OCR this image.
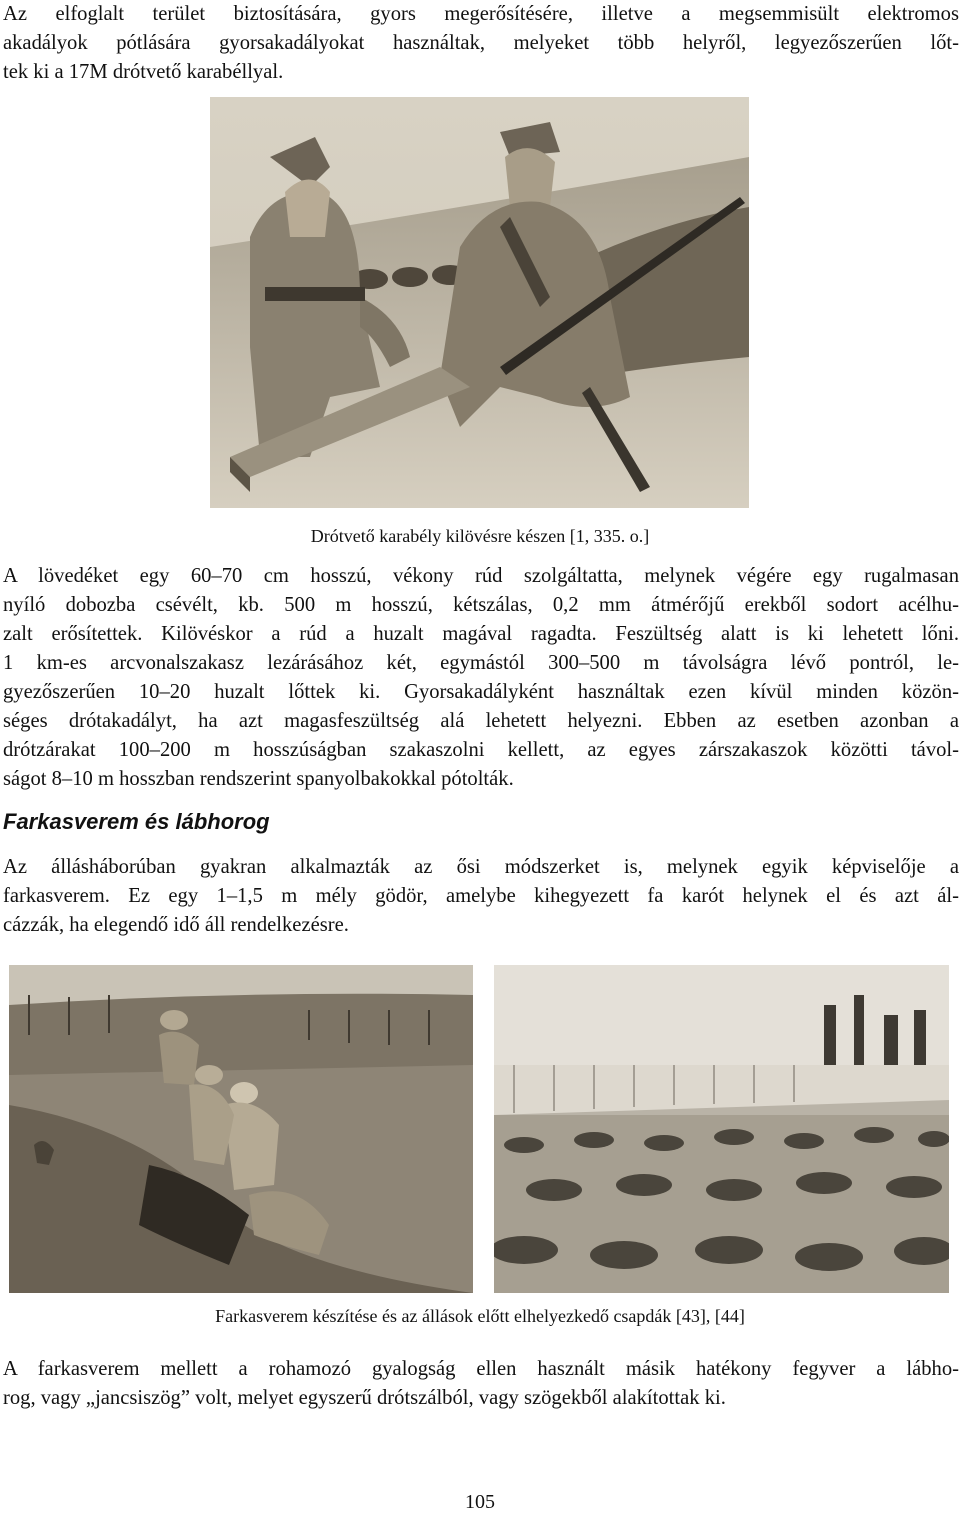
Az elfoglalt terület biztosítására, gyors megerősítésére, illetve a megsemmisült elektromos
akadályok pótlására gyorsakadályokat használtak, melyeket több helyről, legyezőszerűen lőt-
tek ki a 17M drótvető karabéllyal.

Drótvető karabély kilövésre készen [1, 335. o.]

A lövedéket egy 60–70 cm hosszú, vékony rúd szolgáltatta, melynek végére egy rugalmasan
nyíló dobozba csévélt, kb. 500 m hosszú, kétszálas, 0,2 mm átmérőjű erekből sodort acélhu-
zalt erősítettek. Kilövéskor a rúd a huzalt magával ragadta. Feszültség alatt is ki lehetett lőni.
1 km-es arcvonalszakasz lezárásához két, egymástól 300–500 m távolságra lévő pontról, le-
gyezőszerűen 10–20 huzalt lőttek ki. Gyorsakadályként használtak ezen kívül minden közön-
séges drótakadályt, ha azt magasfeszültség alá lehetett helyezni. Ebben az esetben azonban a
drótzárakat 100–200 m hosszúságban szakaszolni kellett, az egyes zárszakaszok közötti távol-
ságot 8–10 m hosszban rendszerint spanyolbakokkal pótolták.
Farkasverem és lábhorog
Az állásháborúban gyakran alkalmazták az ősi módszerket is, melynek egyik képviselője a
farkasverem. Ez egy 1–1,5 m mély gödör, amelybe kihegyezett fa karót helynek el és azt ál-
cázzák, ha elegendő idő áll rendelkezésre.

Farkasverem készítése és az állások előtt elhelyezkedő csapdák [43], [44]

A farkasverem mellett a rohamozó gyalogság ellen használt másik hatékony fegyver a lábho-
rog, vagy „jancsiszög” volt, melyet egyszerű drótszálból, vagy szögekből alakítottak ki.

105
